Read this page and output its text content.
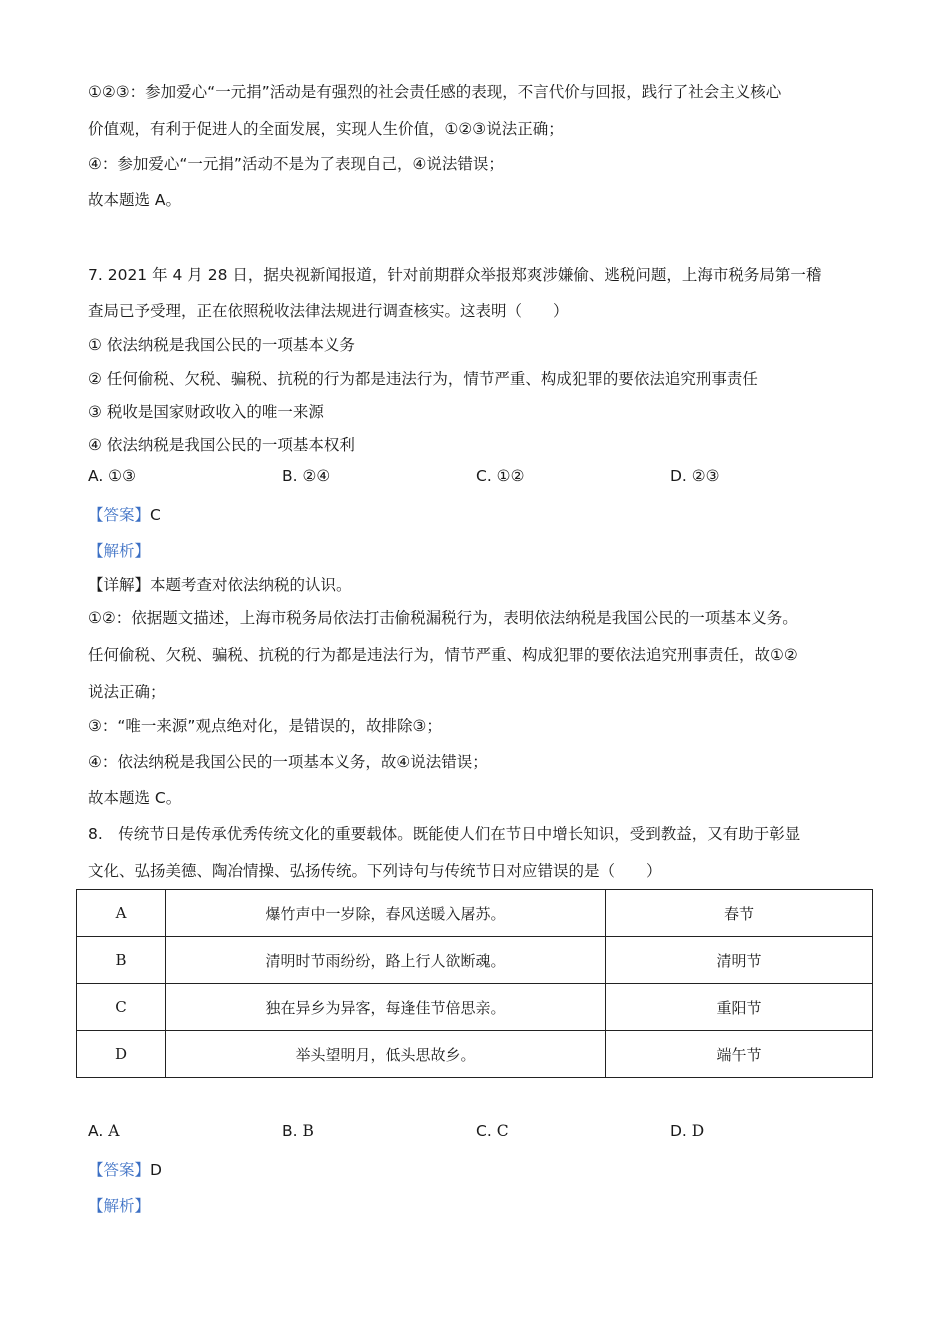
①②③：参加爱心“一元捐”活动是有强烈的社会责任感的表现，不言代价与回报，践行了社会主义核心
价值观，有利于促进人的全面发展，实现人生价值，①②③说法正确；
④：参加爱心“一元捐”活动不是为了表现自己，④说法错误；
故本题选 A。
7. 2021 年 4 月 28 日，据央视新闻报道，针对前期群众举报郑爽涉嫌偷、逃税问题，上海市税务局第一稽
查局已予受理，正在依照税收法律法规进行调查核实。这表明（　　）
① 依法纳税是我国公民的一项基本义务
② 任何偷税、欠税、骗税、抗税的行为都是违法行为，情节严重、构成犯罪的要依法追究刑事责任
③ 税收是国家财政收入的唯一来源
④ 依法纳税是我国公民的一项基本权利
A. ①③	B. ②④	C. ①②	D. ②③
【答案】C
【解析】
【详解】本题考查对依法纳税的认识。
①②：依据题文描述，上海市税务局依法打击偷税漏税行为，表明依法纳税是我国公民的一项基本义务。
任何偷税、欠税、骗税、抗税的行为都是违法行为，情节严重、构成犯罪的要依法追究刑事责任，故①②
说法正确；
③：“唯一来源”观点绝对化，是错误的，故排除③；
④：依法纳税是我国公民的一项基本义务，故④说法错误；
故本题选 C。
8.　传统节日是传承优秀传统文化的重要载体。既能使人们在节日中增长知识，受到教益，又有助于彰显
文化、弘扬美德、陶冶情操、弘扬传统。下列诗句与传统节日对应错误的是（　　）
A	爆竹声中一岁除，春风送暖入屠苏。	春节
B	清明时节雨纷纷，路上行人欲断魂。	清明节
C	独在异乡为异客，每逢佳节倍思亲。	重阳节
D	举头望明月，低头思故乡。	端午节
A. A	B. B	C. C	D. D
【答案】D
【解析】
